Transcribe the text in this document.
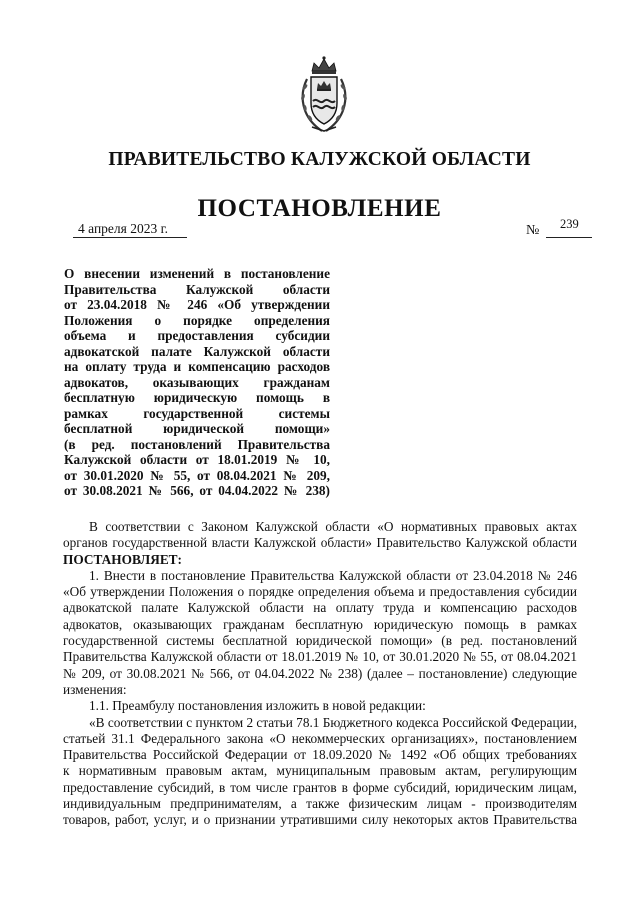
ПРАВИТЕЛЬСТВО КАЛУЖСКОЙ ОБЛАСТИ
ПОСТАНОВЛЕНИЕ
4 апреля 2023 г.	№ 239
О внесении изменений в постановление
Правительства Калужской области
от 23.04.2018 № 246 «Об утверждении
Положения о порядке определения
объема и предоставления субсидии
адвокатской палате Калужской области
на оплату труда и компенсацию расходов
адвокатов, оказывающих гражданам
бесплатную юридическую помощь в
рамках государственной системы
бесплатной юридической помощи»
(в ред. постановлений Правительства
Калужской области от 18.01.2019 № 10,
от 30.01.2020 № 55, от 08.04.2021 № 209,
от 30.08.2021 № 566, от 04.04.2022 № 238)
В соответствии с Законом Калужской области «О нормативных правовых актах
органов государственной власти Калужской области» Правительство Калужской области
ПОСТАНОВЛЯЕТ:
1. Внести в постановление Правительства Калужской области от 23.04.2018 № 246
«Об утверждении Положения о порядке определения объема и предоставления субсидии
адвокатской палате Калужской области на оплату труда и компенсацию расходов
адвокатов, оказывающих гражданам бесплатную юридическую помощь в рамках
государственной системы бесплатной юридической помощи» (в ред. постановлений
Правительства Калужской области от 18.01.2019 № 10, от 30.01.2020 № 55, от 08.04.2021
№ 209, от 30.08.2021 № 566, от 04.04.2022 № 238) (далее – постановление) следующие
изменения:
1.1. Преамбулу постановления изложить в новой редакции:
«В соответствии с пунктом 2 статьи 78.1 Бюджетного кодекса Российской Федерации,
статьей 31.1 Федерального закона «О некоммерческих организациях», постановлением
Правительства Российской Федерации от 18.09.2020 № 1492 «Об общих требованиях
к нормативным правовым актам, муниципальным правовым актам, регулирующим
предоставление субсидий, в том числе грантов в форме субсидий, юридическим лицам,
индивидуальным предпринимателям, а также физическим лицам - производителям
товаров, работ, услуг, и о признании утратившими силу некоторых актов Правительства
